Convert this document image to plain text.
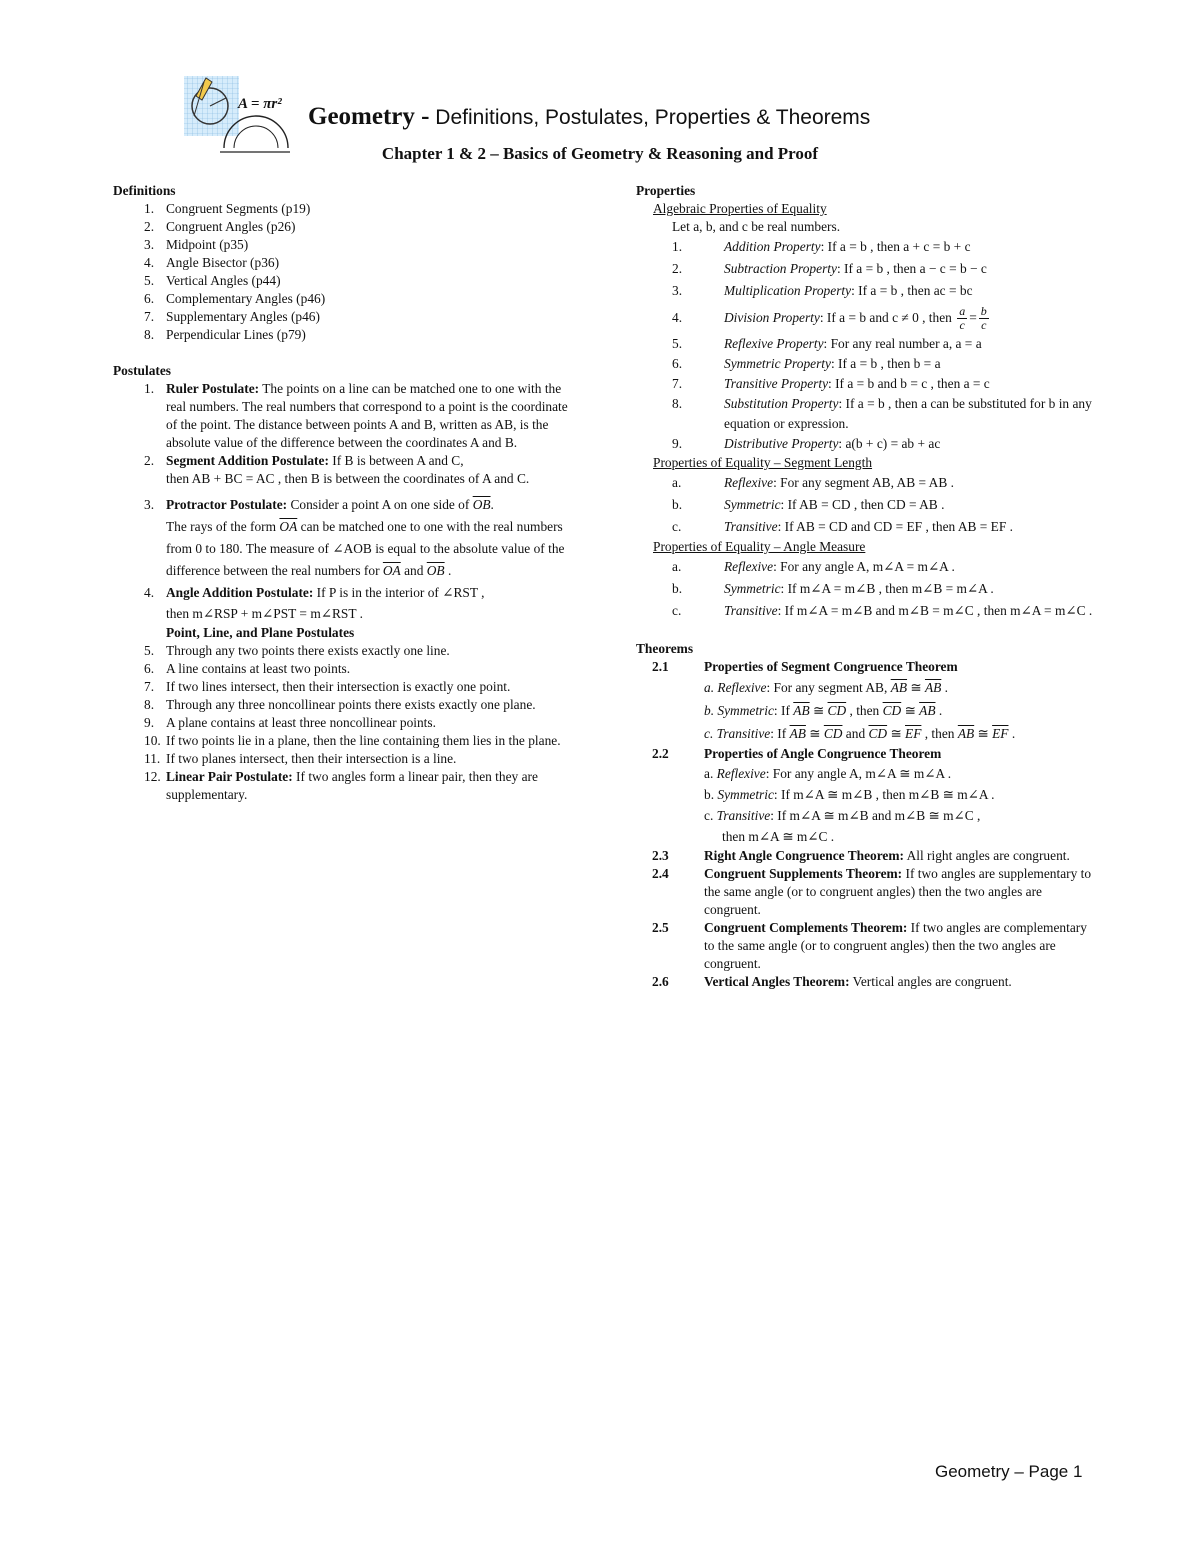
A = πr² Geometry - Definitions, Postulates, Properties & Theorems
Chapter 1 & 2 – Basics of Geometry & Reasoning and Proof
Definitions
1. Congruent Segments (p19)
2. Congruent Angles (p26)
3. Midpoint (p35)
4. Angle Bisector (p36)
5. Vertical Angles (p44)
6. Complementary Angles (p46)
7. Supplementary Angles (p46)
8. Perpendicular Lines (p79)
Postulates
1. Ruler Postulate: The points on a line can be matched one to one with the real numbers. The real numbers that correspond to a point is the coordinate of the point. The distance between points A and B, written as AB, is the absolute value of the difference between the coordinates A and B.
2. Segment Addition Postulate: If B is between A and C,
then AB + BC = AC , then B is between the coordinates of A and C.
3. Protractor Postulate: Consider a point A on one side of $\overline{OB}$.
The rays of the form $\overline{OA}$ can be matched one to one with the real numbers from 0 to 180. The measure of ∠AOB is equal to the absolute value of the difference between the real numbers for $\overline{OA}$ and $\overline{OB}$ .
4. Angle Addition Postulate: If P is in the interior of ∠RST ,
then m∠RSP + m∠PST = m∠RST .
Point, Line, and Plane Postulates
5. Through any two points there exists exactly one line.
6. A line contains at least two points.
7. If two lines intersect, then their intersection is exactly one point.
8. Through any three noncollinear points there exists exactly one plane.
9. A plane contains at least three noncollinear points.
10. If two points lie in a plane, then the line containing them lies in the plane.
11. If two planes intersect, then their intersection is a line.
12. Linear Pair Postulate: If two angles form a linear pair, then they are supplementary.
Properties
Algebraic Properties of Equality
Let a, b, and c be real numbers.
1.	Addition Property: If a = b , then a + c = b + c
2.	Subtraction Property: If a = b , then a − c = b − c
3.	Multiplication Property: If a = b , then ac = bc
4.	Division Property: If a = b and c ≠ 0 , then $\frac{a}{c} = \frac{b}{c}$
5.	Reflexive Property: For any real number a, a = a
6.	Symmetric Property: If a = b , then b = a
7.	Transitive Property: If a = b and b = c , then a = c
8.	Substitution Property: If a = b , then a can be substituted for b in any equation or expression.
9.	Distributive Property: a(b + c) = ab + ac
Properties of Equality – Segment Length
a.	Reflexive: For any segment AB, AB = AB .
b.	Symmetric: If AB = CD , then CD = AB .
c.	Transitive: If AB = CD and CD = EF , then AB = EF .
Properties of Equality – Angle Measure
a.	Reflexive: For any angle A, m∠A = m∠A .
b.	Symmetric: If m∠A = m∠B , then m∠B = m∠A .
c.	Transitive: If m∠A = m∠B and m∠B = m∠C , then m∠A = m∠C .
Theorems
2.1	Properties of Segment Congruence Theorem
a. Reflexive: For any segment AB, $\overline{AB}$ ≅ $\overline{AB}$ .
b. Symmetric: If $\overline{AB}$ ≅ $\overline{CD}$ , then $\overline{CD}$ ≅ $\overline{AB}$ .
c. Transitive: If $\overline{AB}$ ≅ $\overline{CD}$ and $\overline{CD}$ ≅ $\overline{EF}$ , then $\overline{AB}$ ≅ $\overline{EF}$ .
2.2	Properties of Angle Congruence Theorem
a. Reflexive: For any angle A, m∠A ≅ m∠A .
b. Symmetric: If m∠A ≅ m∠B , then m∠B ≅ m∠A .
c. Transitive: If m∠A ≅ m∠B and m∠B ≅ m∠C ,
then m∠A ≅ m∠C .
2.3	Right Angle Congruence Theorem: All right angles are congruent.
2.4	Congruent Supplements Theorem: If two angles are supplementary to the same angle (or to congruent angles) then the two angles are congruent.
2.5	Congruent Complements Theorem: If two angles are complementary to the same angle (or to congruent angles) then the two angles are congruent.
2.6	Vertical Angles Theorem: Vertical angles are congruent.
Geometry – Page 1
